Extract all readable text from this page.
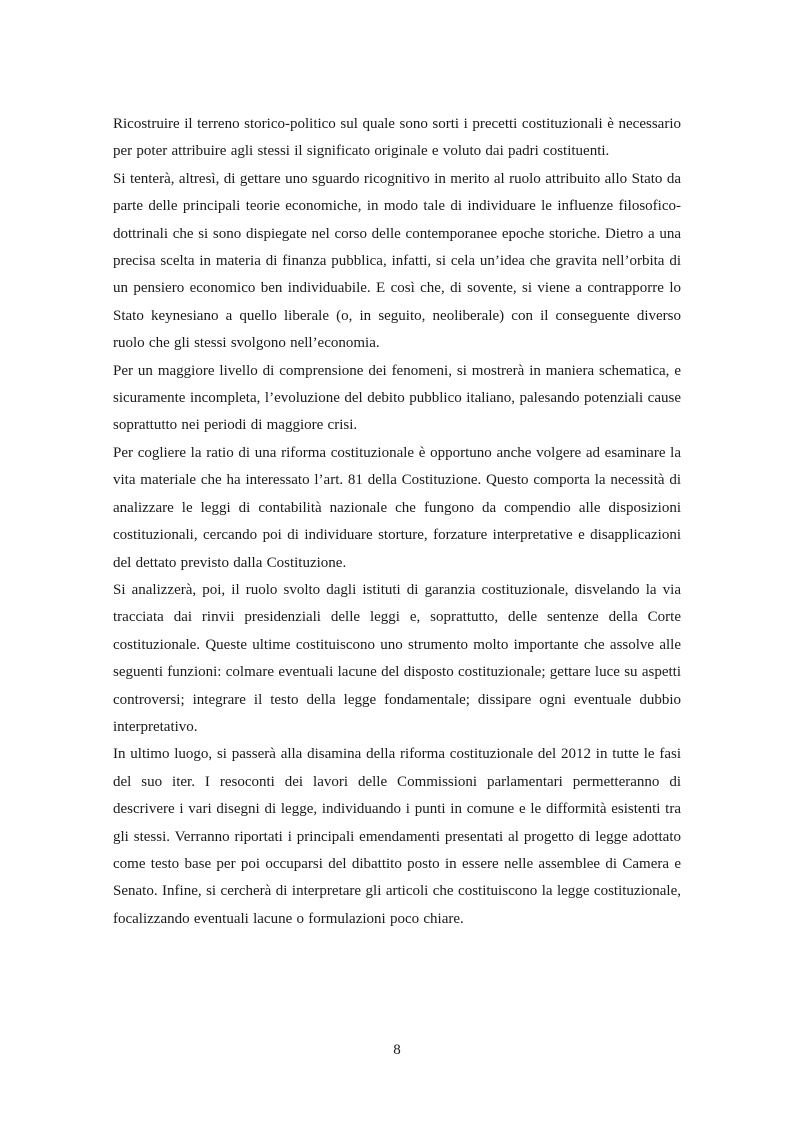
Ricostruire il terreno storico-politico sul quale sono sorti i precetti costituzionali è necessario per poter attribuire agli stessi il significato originale e voluto dai padri costituenti.

Si tenterà, altresì, di gettare uno sguardo ricognitivo in merito al ruolo attribuito allo Stato da parte delle principali teorie economiche, in modo tale di individuare le influenze filosofico-dottrinali che si sono dispiegate nel corso delle contemporanee epoche storiche. Dietro a una precisa scelta in materia di finanza pubblica, infatti, si cela un’idea che gravita nell’orbita di un pensiero economico ben individuabile. E così che, di sovente, si viene a contrapporre lo Stato keynesiano a quello liberale (o, in seguito, neoliberale) con il conseguente diverso ruolo che gli stessi svolgono nell’economia.

Per un maggiore livello di comprensione dei fenomeni, si mostrerà in maniera schematica, e sicuramente incompleta, l’evoluzione del debito pubblico italiano, palesando potenziali cause soprattutto nei periodi di maggiore crisi.

Per cogliere la ratio di una riforma costituzionale è opportuno anche volgere ad esaminare la vita materiale che ha interessato l’art. 81 della Costituzione. Questo comporta la necessità di analizzare le leggi di contabilità nazionale che fungono da compendio alle disposizioni costituzionali, cercando poi di individuare storture, forzature interpretative e disapplicazioni del dettato previsto dalla Costituzione.

Si analizzerà, poi, il ruolo svolto dagli istituti di garanzia costituzionale, disvelando la via tracciata dai rinvii presidenziali delle leggi e, soprattutto, delle sentenze della Corte costituzionale. Queste ultime costituiscono uno strumento molto importante che assolve alle seguenti funzioni: colmare eventuali lacune del disposto costituzionale; gettare luce su aspetti controversi; integrare il testo della legge fondamentale; dissipare ogni eventuale dubbio interpretativo.

In ultimo luogo, si passerà alla disamina della riforma costituzionale del 2012 in tutte le fasi del suo iter. I resoconti dei lavori delle Commissioni parlamentari permetteranno di descrivere i vari disegni di legge, individuando i punti in comune e le difformità esistenti tra gli stessi. Verranno riportati i principali emendamenti presentati al progetto di legge adottato come testo base per poi occuparsi del dibattito posto in essere nelle assemblee di Camera e Senato. Infine, si cercherà di interpretare gli articoli che costituiscono la legge costituzionale, focalizzando eventuali lacune o formulazioni poco chiare.

8
